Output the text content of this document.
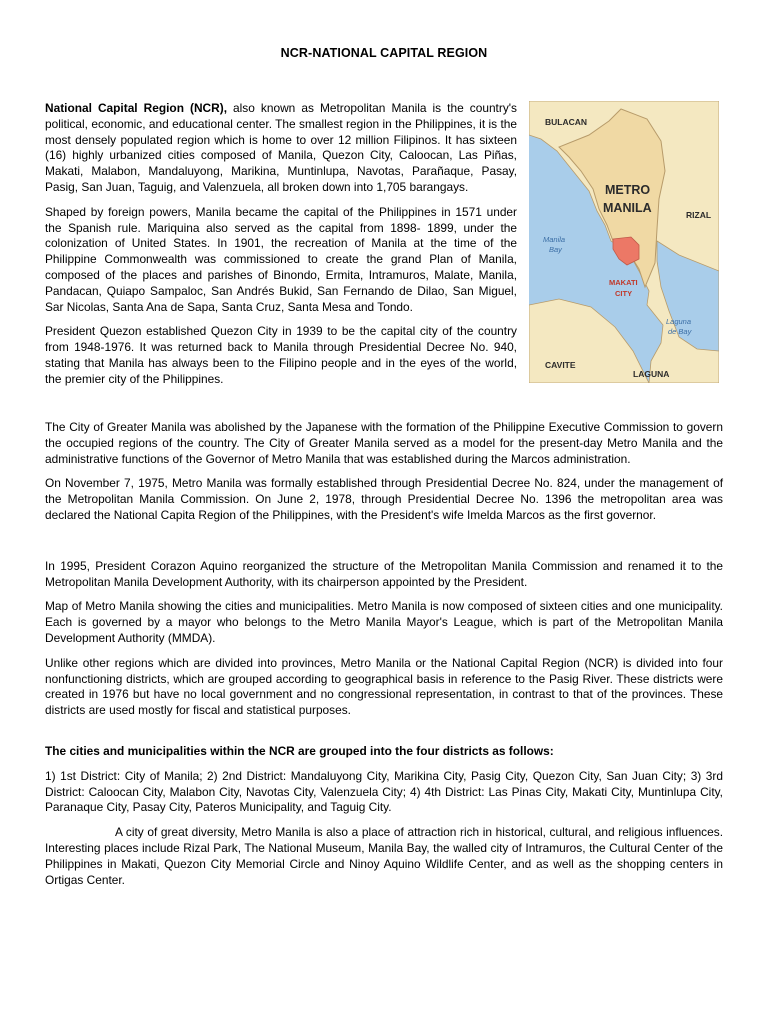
NCR-NATIONAL CAPITAL REGION

National Capital Region (NCR), also known as Metropolitan Manila is the country's political, economic, and educational center. The smallest region in the Philippines, it is the most densely populated region which is home to over 12 million Filipinos. It has sixteen (16) highly urbanized cities composed of Manila, Quezon City, Caloocan, Las Piñas, Makati, Malabon, Mandaluyong, Marikina, Muntinlupa, Navotas, Parañaque, Pasay, Pasig, San Juan, Taguig, and Valenzuela, all broken down into 1,705 barangays.

Shaped by foreign powers, Manila became the capital of the Philippines in 1571 under the Spanish rule. Mariquina also served as the capital from 1898- 1899, under the colonization of United States. In 1901, the recreation of Manila at the time of the Philippine Commonwealth was commissioned to create the grand Plan of Manila, composed of the places and parishes of Binondo, Ermita, Intramuros, Malate, Manila, Pandacan, Quiapo Sampaloc, San Andrés Bukid, San Fernando de Dilao, San Miguel, Sar Nicolas, Santa Ana de Sapa, Santa Cruz, Santa Mesa and Tondo.

President Quezon established Quezon City in 1939 to be the capital city of the country from 1948-1976. It was returned back to Manila through Presidential Decree No. 940, stating that Manila has always been to the Filipino people and in the eyes of the world, the premier city of the Philippines.

The City of Greater Manila was abolished by the Japanese with the formation of the Philippine Executive Commission to govern the occupied regions of the country. The City of Greater Manila served as a model for the present-day Metro Manila and the administrative functions of the Governor of Metro Manila that was established during the Marcos administration.

On November 7, 1975, Metro Manila was formally established through Presidential Decree No. 824, under the management of the Metropolitan Manila Commission. On June 2, 1978, through Presidential Decree No. 1396 the metropolitan area was declared the National Capita Region of the Philippines, with the President's wife Imelda Marcos as the first governor.

In 1995, President Corazon Aquino reorganized the structure of the Metropolitan Manila Commission and renamed it to the Metropolitan Manila Development Authority, with its chairperson appointed by the President.

Map of Metro Manila showing the cities and municipalities. Metro Manila is now composed of sixteen cities and one municipality. Each is governed by a mayor who belongs to the Metro Manila Mayor's League, which is part of the Metropolitan Manila Development Authority (MMDA).

Unlike other regions which are divided into provinces, Metro Manila or the National Capital Region (NCR) is divided into four nonfunctioning districts, which are grouped according to geographical basis in reference to the Pasig River. These districts were created in 1976 but have no local government and no congressional representation, in contrast to that of the provinces. These districts are used mostly for fiscal and statistical purposes.

The cities and municipalities within the NCR are grouped into the four districts as follows:

1) 1st District: City of Manila; 2) 2nd District: Mandaluyong City, Marikina City, Pasig City, Quezon City, San Juan City; 3) 3rd District: Caloocan City, Malabon City, Navotas City, Valenzuela City; 4) 4th District: Las Pinas City, Makati City, Muntinlupa City, Paranaque City, Pasay City, Pateros Municipality, and Taguig City.

A city of great diversity, Metro Manila is also a place of attraction rich in historical, cultural, and religious influences. Interesting places include Rizal Park, The National Museum, Manila Bay, the walled city of Intramuros, the Cultural Center of the Philippines in Makati, Quezon City Memorial Circle and Ninoy Aquino Wildlife Center, and as well as the shopping centers in Ortigas Center.

BULACAN
METRO
MANILA	RIZAL
Manila
Bay
MAKATI
CITY
Laguna
de Bay
CAVITE
LAGUNA
